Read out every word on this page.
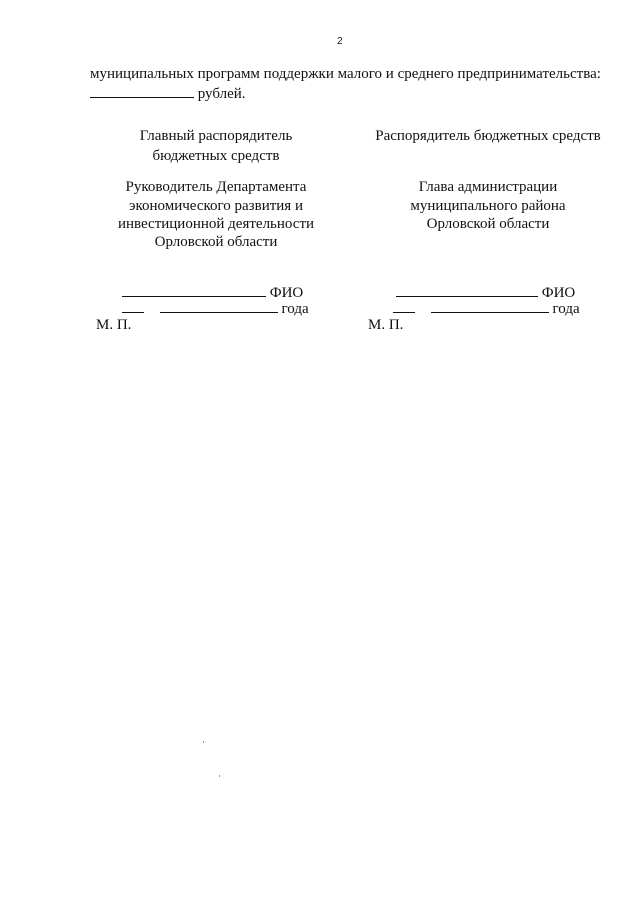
2
муниципальных программ поддержки малого и среднего предпринимательства:
рублей.
Главный распорядитель
бюджетных средств
Руководитель Департамента
экономического развития и
инвестиционной деятельности
Орловской области
ФИО
года
М. П.
Распорядитель бюджетных средств
Глава администрации
муниципального района
Орловской области
ФИО
года
М. П.
